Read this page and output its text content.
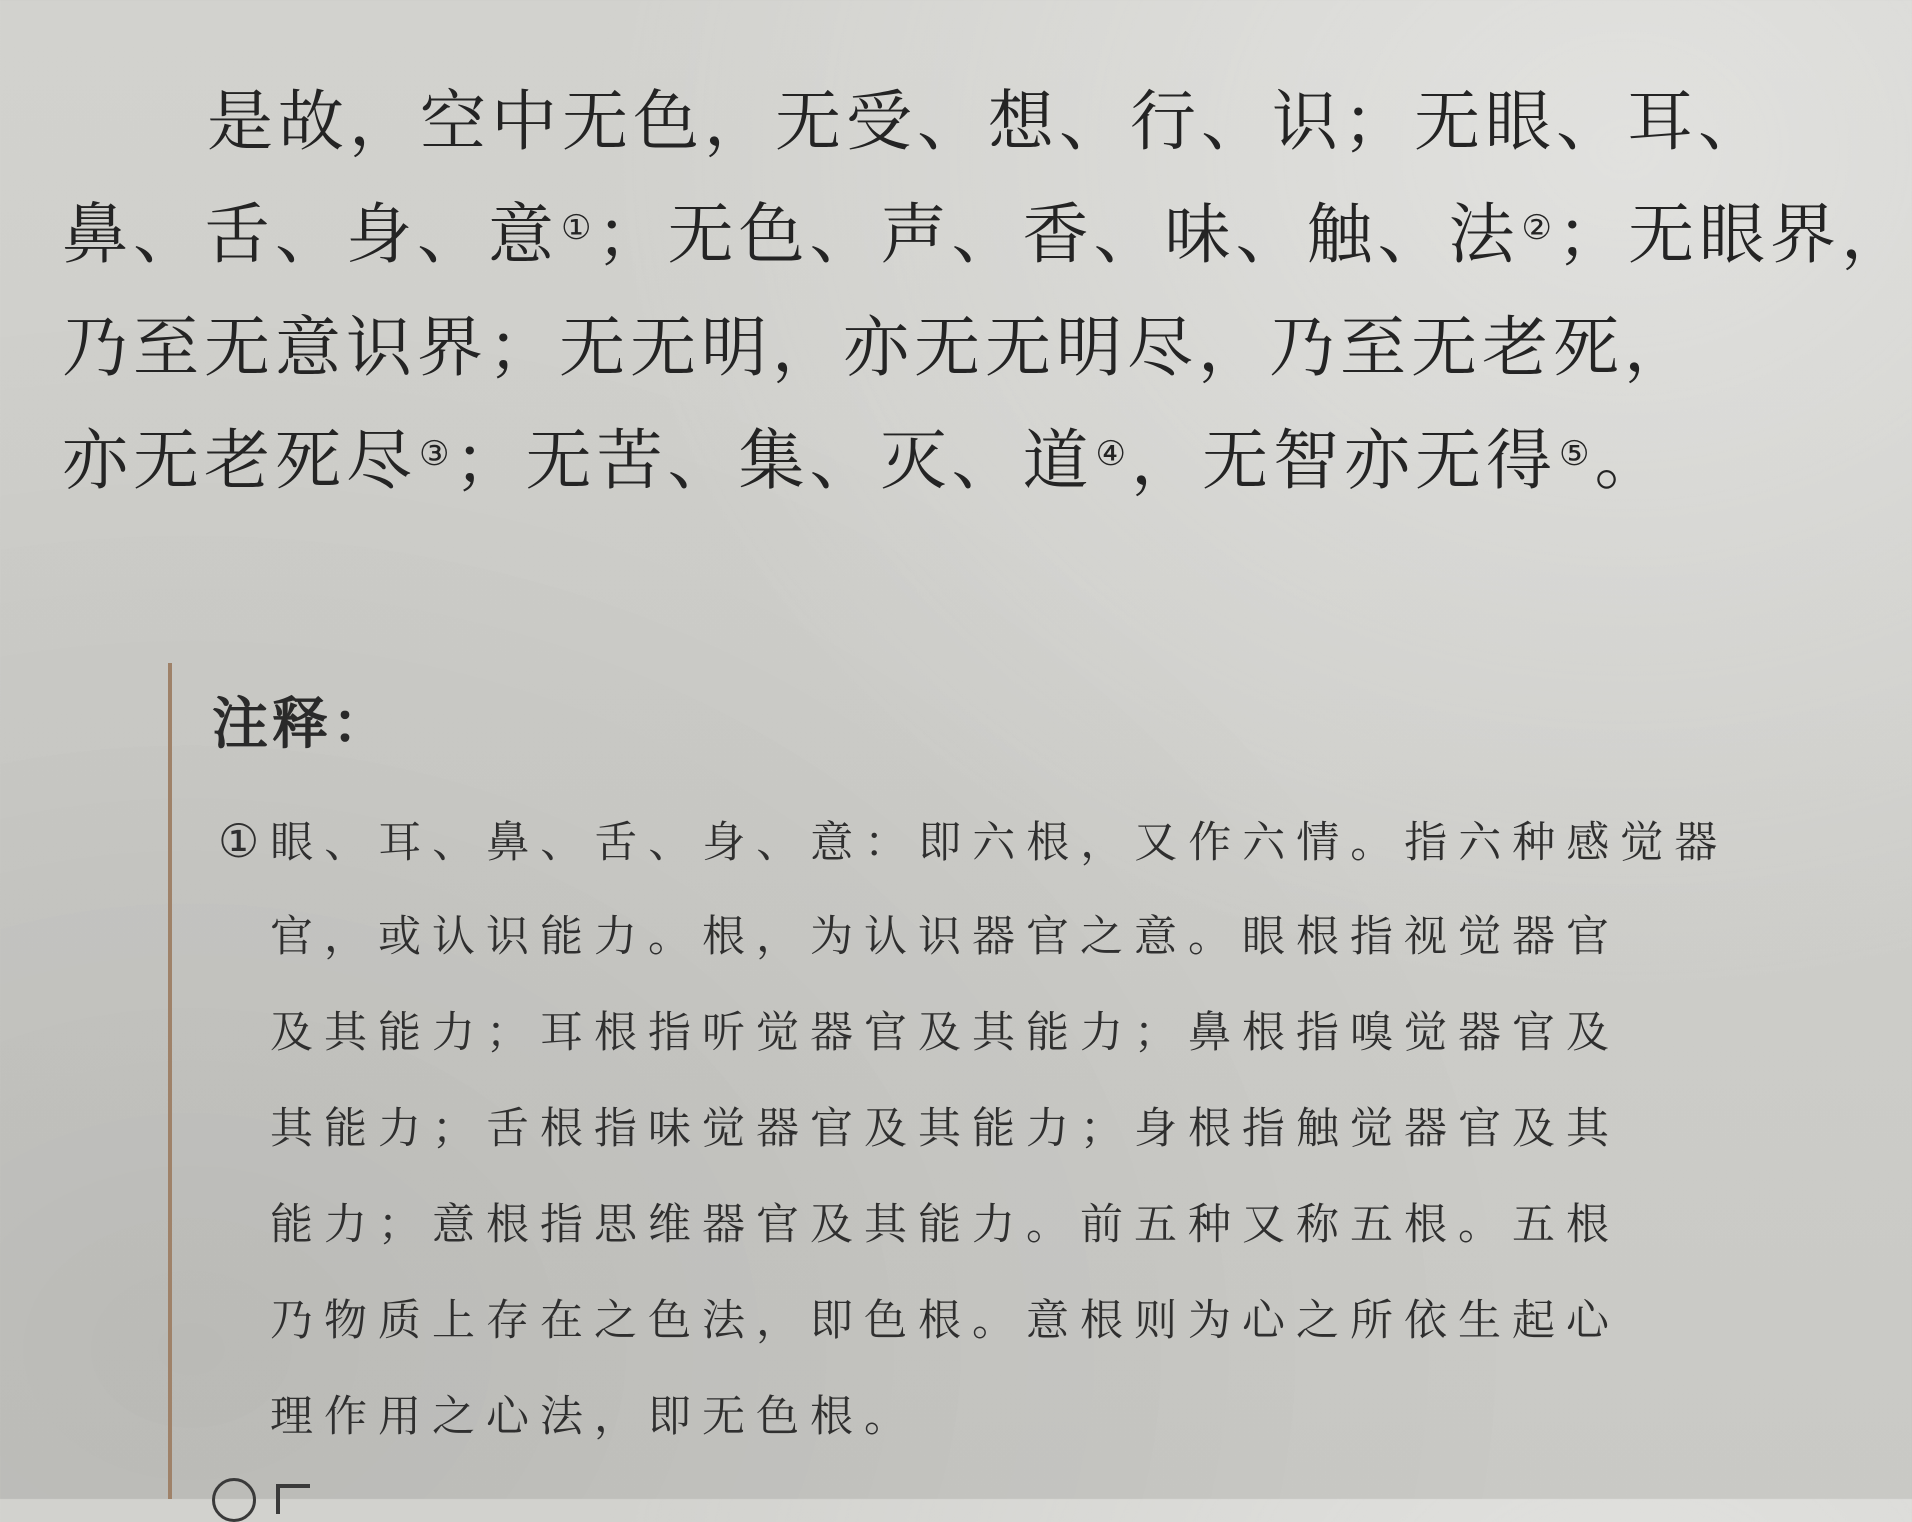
是故，空中无色，无受、想、行、识；无眼、耳、
鼻、舌、身、意①；无色、声、香、味、触、法②；无眼界，
乃至无意识界；无无明，亦无无明尽，乃至无老死，
亦无老死尽③；无苦、集、灭、道④，无智亦无得⑤。
注释：
①眼、耳、鼻、舌、身、意：即六根，又作六情。指六种感觉器
官，或认识能力。根，为认识器官之意。眼根指视觉器官
及其能力；耳根指听觉器官及其能力；鼻根指嗅觉器官及
其能力；舌根指味觉器官及其能力；身根指触觉器官及其
能力；意根指思维器官及其能力。前五种又称五根。五根
乃物质上存在之色法，即色根。意根则为心之所依生起心
理作用之心法，即无色根。
